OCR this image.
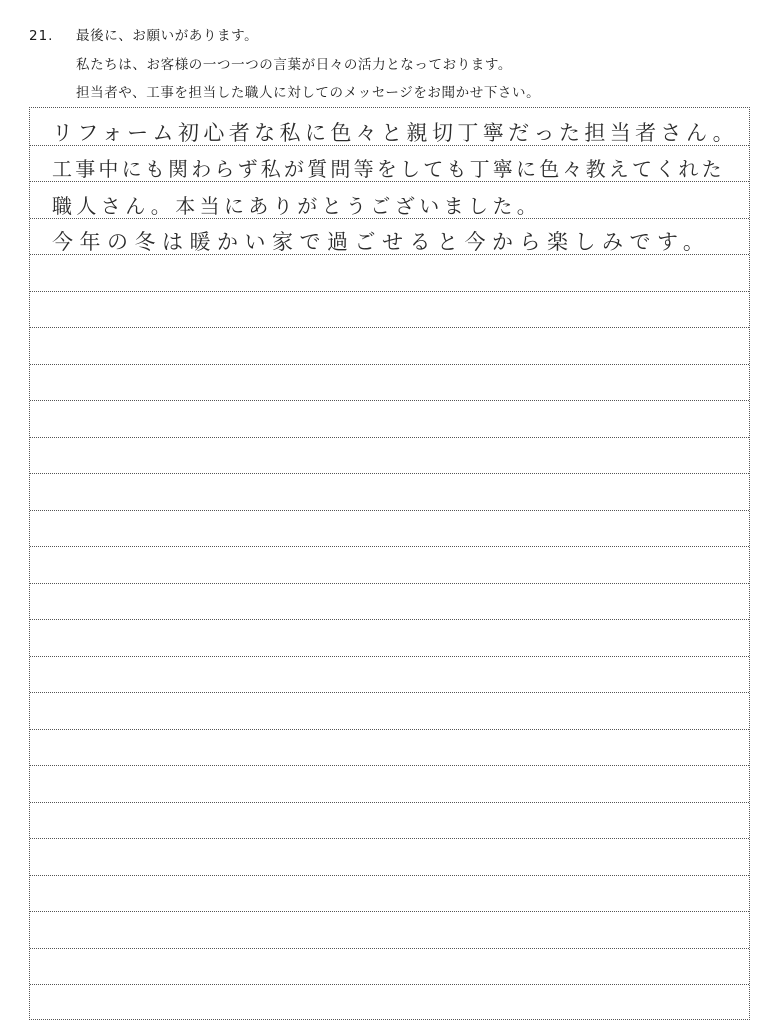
21. 最後に、お願いがあります。
私たちは、お客様の一つ一つの言葉が日々の活力となっております。
担当者や、工事を担当した職人に対してのメッセージをお聞かせ下さい。
リフォーム初心者な私に色々と親切丁寧だった担当者さん。
工事中にも関わらず私が質問等をしても丁寧に色々教えてくれた
職人さん。本当にありがとうございました。
今年の冬は暖かい家で過ごせると今から楽しみです。
